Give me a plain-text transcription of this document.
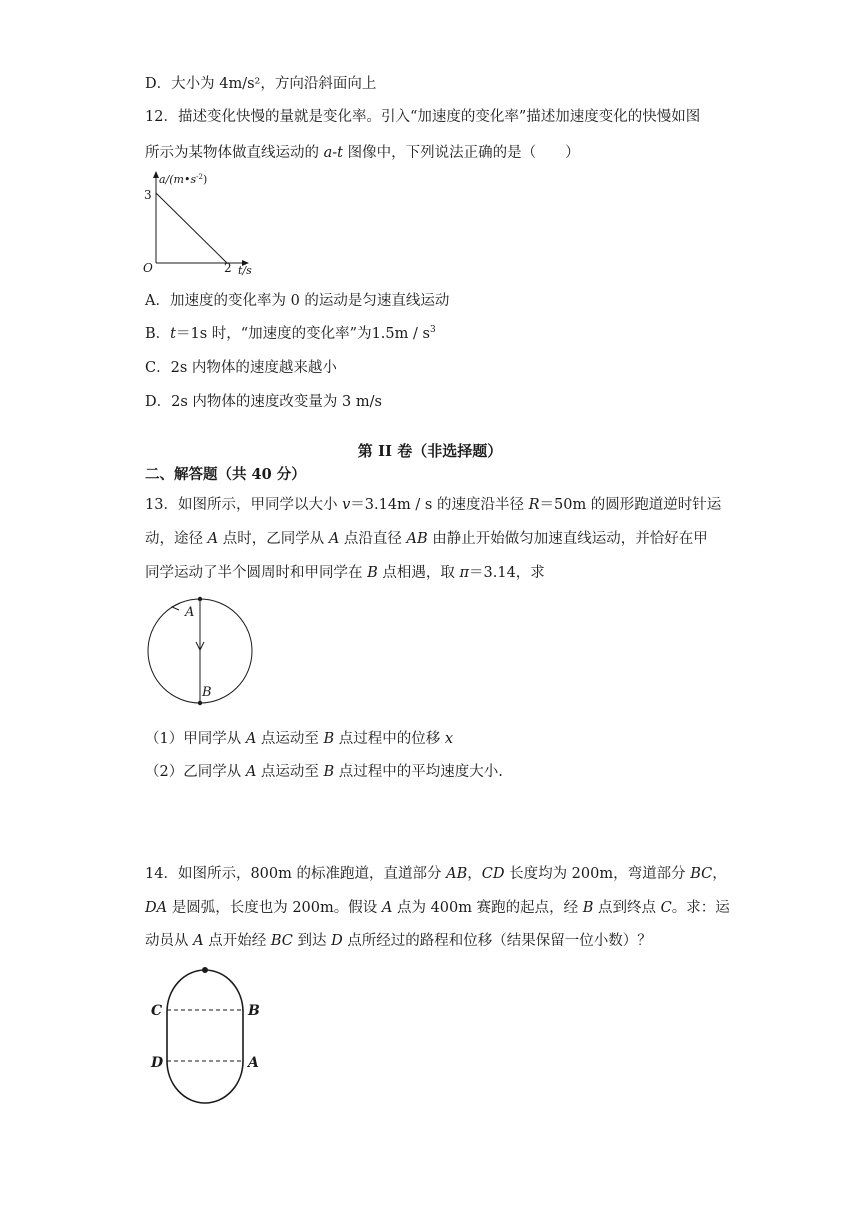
D．大小为 4m/s²，方向沿斜面向上
12．描述变化快慢的量就是变化率。引入“加速度的变化率”描述加速度变化的快慢如图
所示为某物体做直线运动的 a-t 图像中，下列说法正确的是（　　）
$a/(m•s^{-2})$
3
O	2 t/s
A．加速度的变化率为 0 的运动是匀速直线运动
B．t＝1s 时，“加速度的变化率”为$1.5m / s^3$
C．2s 内物体的速度越来越小
D．2s 内物体的速度改变量为 3 m/s
第 II 卷（非选择题）
二、解答题（共 40 分）
13．如图所示，甲同学以大小 v＝3.14m / s 的速度沿半径 R＝50m 的圆形跑道逆时针运
动，途径 A 点时，乙同学从 A 点沿直径 AB 由静止开始做匀加速直线运动，并恰好在甲
同学运动了半个圆周时和甲同学在 B 点相遇，取 π＝3.14，求
A
B
（1）甲同学从 A 点运动至 B 点过程中的位移 x
（2）乙同学从 A 点运动至 B 点过程中的平均速度大小.
14．如图所示，800m 的标准跑道，直道部分 AB，CD 长度均为 200m，弯道部分 BC，
DA 是圆弧，长度也为 200m。假设 A 点为 400m 赛跑的起点，经 B 点到终点 C。求：运
动员从 A 点开始经 BC 到达 D 点所经过的路程和位移（结果保留一位小数）？
C	B
D	A
